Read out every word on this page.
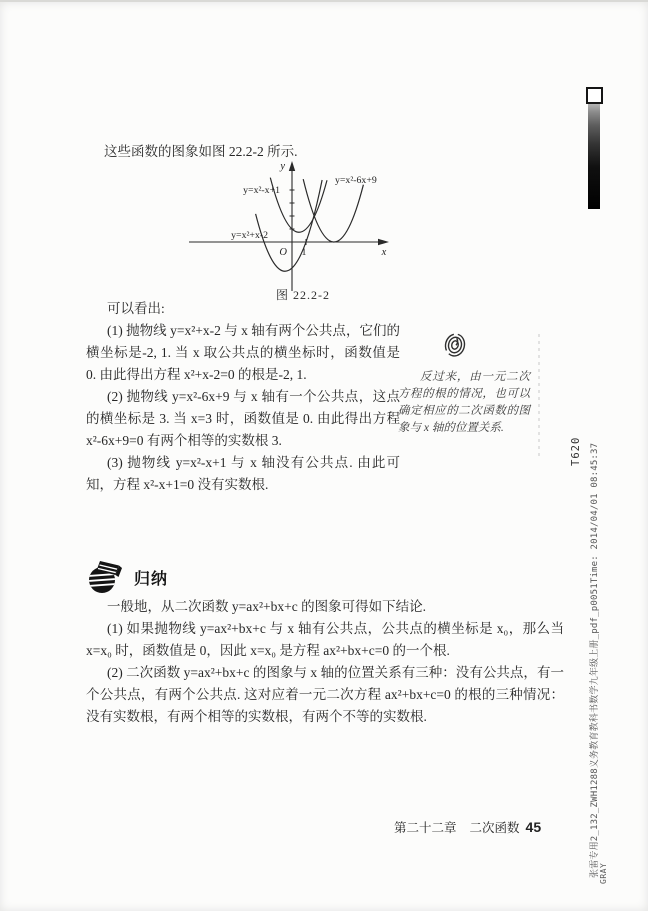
这些函数的图象如图 22.2-2 所示.
y
x
O 1
y=x²-x+1
y=x²-6x+9
y=x²+x-2
图 22.2-2

可以看出:

(1) 抛物线 y=x²+x-2 与 x 轴有两个公共点，它们的横坐标是-2, 1. 当 x 取公共点的横坐标时，函数值是 0. 由此得出方程 x²+x-2=0 的根是-2, 1.

(2) 抛物线 y=x²-6x+9 与 x 轴有一个公共点，这点的横坐标是 3. 当 x=3 时，函数值是 0. 由此得出方程 x²-6x+9=0 有两个相等的实数根 3.

(3) 抛物线 y=x²-x+1 与 x 轴没有公共点. 由此可知，方程 x²-x+1=0 没有实数根.

反过来，由一元二次方程的根的情况，也可以确定相应的二次函数的图象与 x 轴的位置关系.

归纳

一般地，从二次函数 y=ax²+bx+c 的图象可得如下结论.

(1) 如果抛物线 y=ax²+bx+c 与 x 轴有公共点，公共点的横坐标是 x₀，那么当 x=x₀ 时，函数值是 0，因此 x=x₀ 是方程 ax²+bx+c=0 的一个根.

(2) 二次函数 y=ax²+bx+c 的图象与 x 轴的位置关系有三种：没有公共点，有一个公共点，有两个公共点. 这对应着一元二次方程 ax²+bx+c=0 的根的三种情况：没有实数根，有两个相等的实数根，有两个不等的实数根.

第二十二章 二次函数 45
T620 张雷专用2_132_ZWH1288义务教育教科书数学九年级上册_pdf_p0051Time: 2014/04/01 08:45:37 GRAY
